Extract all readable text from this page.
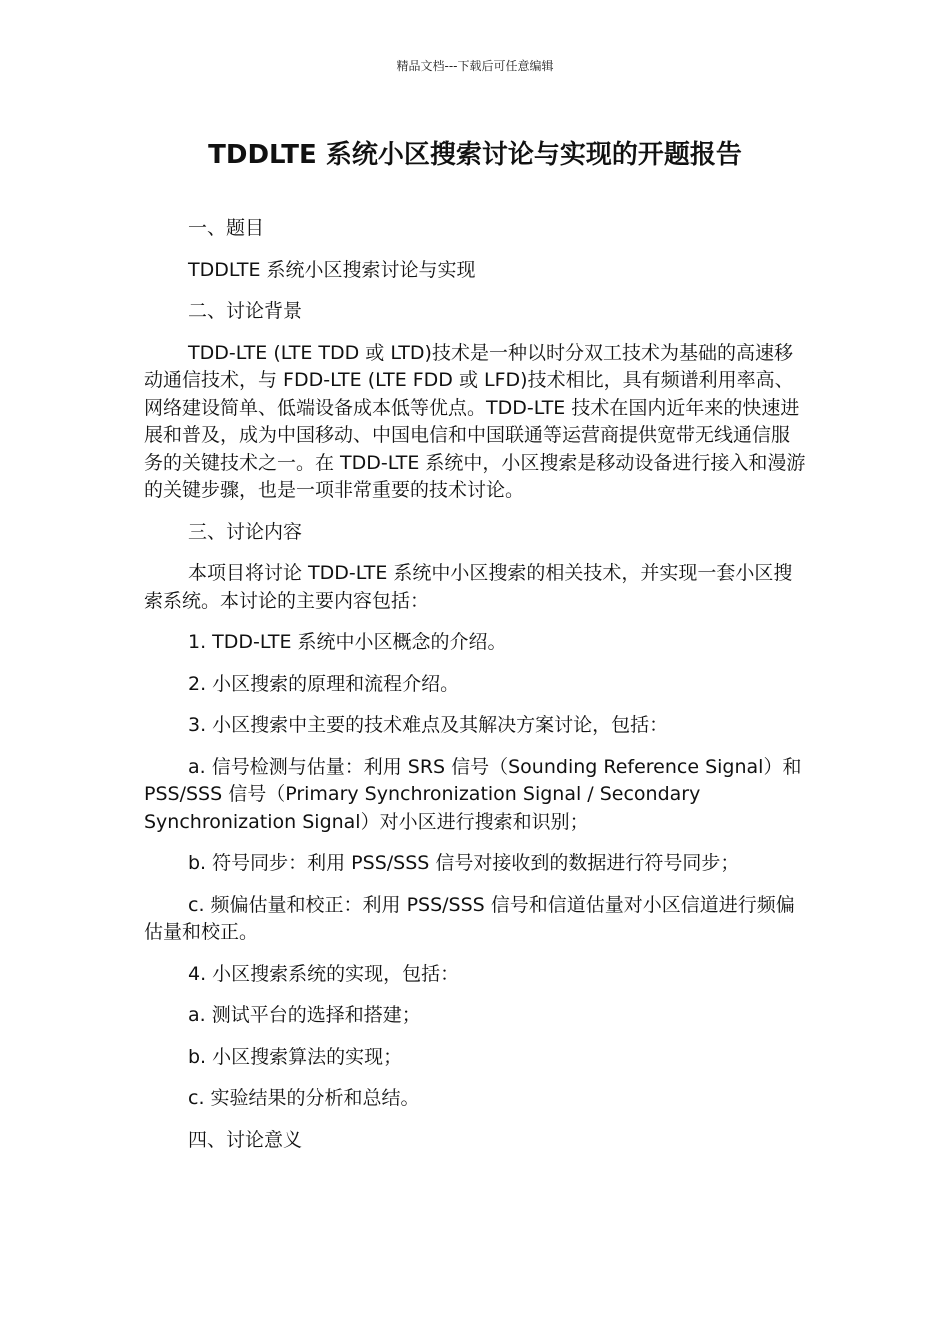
精品文档---下载后可任意编辑
TDDLTE 系统小区搜索讨论与实现的开题报告

一、题目

TDDLTE 系统小区搜索讨论与实现

二、讨论背景

TDD-LTE (LTE TDD 或 LTD)技术是一种以时分双工技术为基础的高速移动通信技术，与 FDD-LTE (LTE FDD 或 LFD)技术相比，具有频谱利用率高、网络建设简单、低端设备成本低等优点。TDD-LTE 技术在国内近年来的快速进展和普及，成为中国移动、中国电信和中国联通等运营商提供宽带无线通信服务的关键技术之一。在 TDD-LTE 系统中，小区搜索是移动设备进行接入和漫游的关键步骤，也是一项非常重要的技术讨论。

三、讨论内容

本项目将讨论 TDD-LTE 系统中小区搜索的相关技术，并实现一套小区搜索系统。本讨论的主要内容包括：

1. TDD-LTE 系统中小区概念的介绍。

2. 小区搜索的原理和流程介绍。

3. 小区搜索中主要的技术难点及其解决方案讨论，包括：

a. 信号检测与估量：利用 SRS 信号（Sounding Reference Signal）和 PSS/SSS 信号（Primary Synchronization Signal / Secondary Synchronization Signal）对小区进行搜索和识别；

b. 符号同步：利用 PSS/SSS 信号对接收到的数据进行符号同步；

c. 频偏估量和校正：利用 PSS/SSS 信号和信道估量对小区信道进行频偏估量和校正。

4. 小区搜索系统的实现，包括：

a. 测试平台的选择和搭建；

b. 小区搜索算法的实现；

c. 实验结果的分析和总结。

四、讨论意义
